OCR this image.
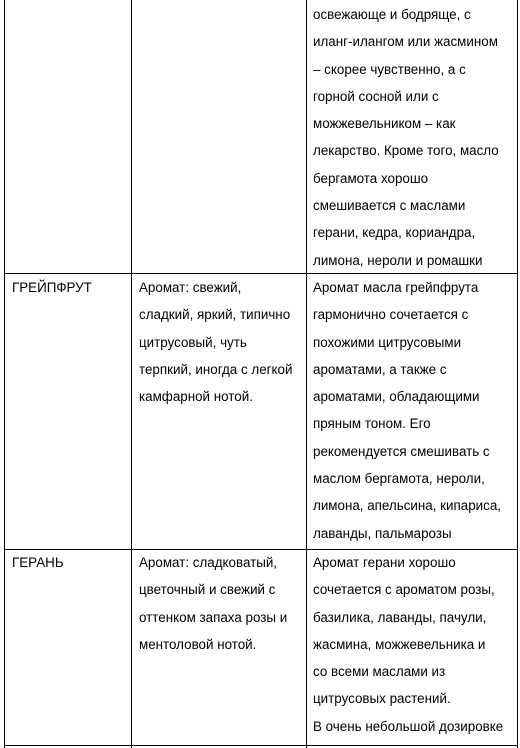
освежающе и бодряще, с
иланг-илангом или жасмином
– скорее чувственно, а с
горной сосной или с
можжевельником – как
лекарство. Кроме того, масло
бергамота хорошо
смешивается с маслами
герани, кедра, кориандра,
лимона, нероли и ромашки
ГРЕЙПФРУТ	Аромат: свежий,
сладкий, яркий, типично
цитрусовый, чуть
терпкий, иногда с легкой
камфарной нотой.
Аромат масла грейпфрута
гармонично сочетается с
похожими цитрусовыми
ароматами, а также с
ароматами, обладающими
пряным тоном. Его
рекомендуется смешивать с
маслом бергамота, нероли,
лимона, апельсина, кипариса,
лаванды, пальмарозы
ГЕРАНЬ	Аромат: сладковатый,
цветочный и свежий с
оттенком запаха розы и
ментоловой нотой.
Аромат герани хорошо
сочетается с ароматом розы,
базилика, лаванды, пачули,
жасмина, можжевельника и
со всеми маслами из
цитрусовых растений.
В очень небольшой дозировке
